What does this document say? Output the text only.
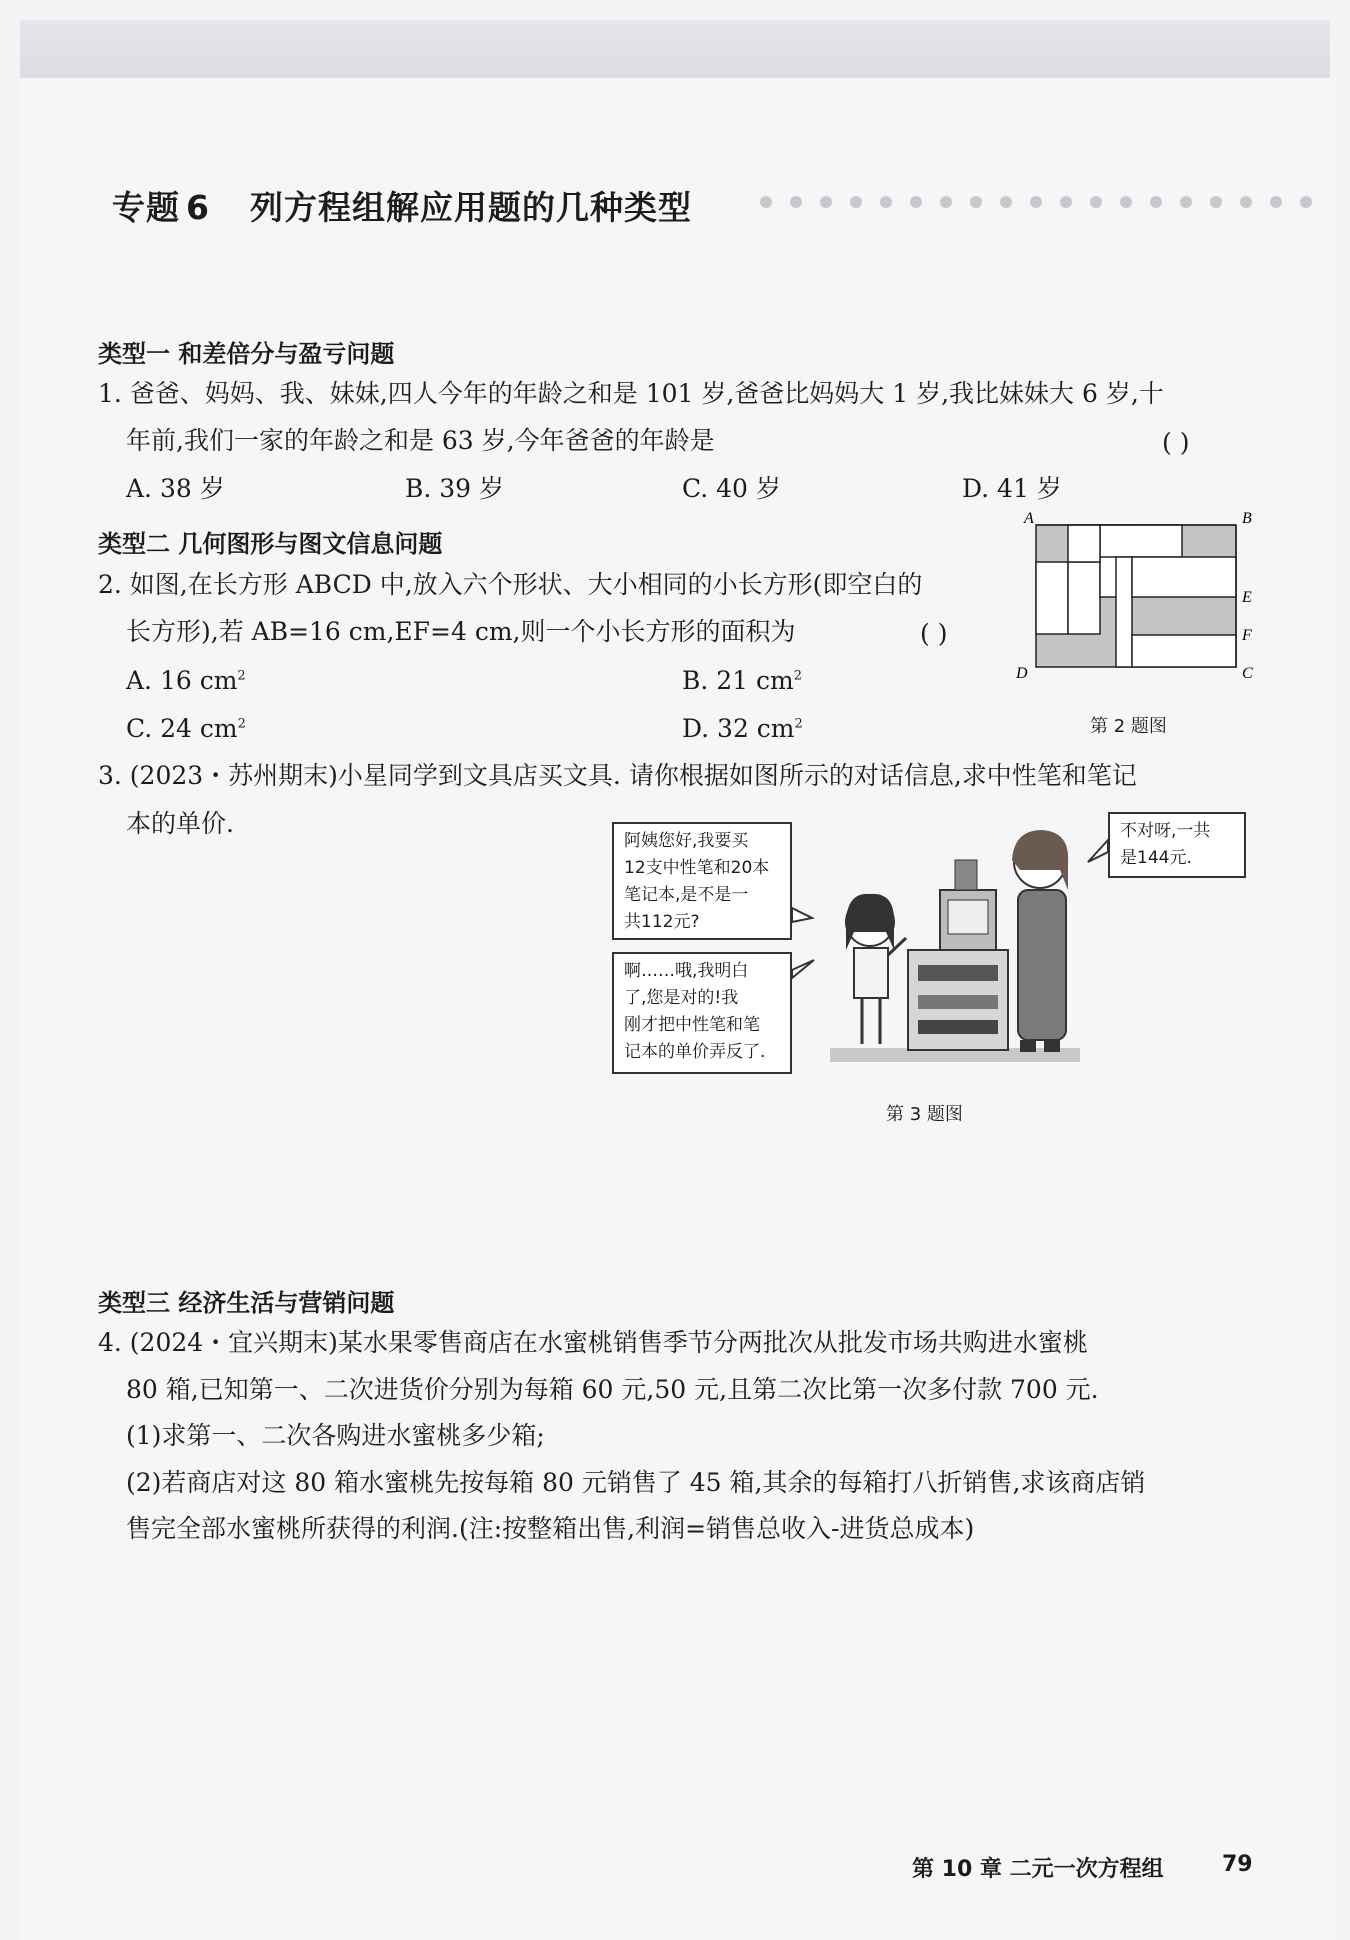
专题 6 列方程组解应用题的几种类型
类型一 和差倍分与盈亏问题
1. 爸爸、妈妈、我、妹妹,四人今年的年龄之和是 101 岁,爸爸比妈妈大 1 岁,我比妹妹大 6 岁,十
年前,我们一家的年龄之和是 63 岁,今年爸爸的年龄是	( )
A. 38 岁	B. 39 岁	C. 40 岁	D. 41 岁
类型二 几何图形与图文信息问题
2. 如图,在长方形 ABCD 中,放入六个形状、大小相同的小长方形(即空白的
长方形),若 AB=16 cm,EF=4 cm,则一个小长方形的面积为	( )
A. 16 $cm^2$	B. 21 $cm^2$
C. 24 $cm^2$	D. 32 $cm^2$
A	B
E
F
C
D
第 2 题图
3. (2023・苏州期末)小星同学到文具店买文具. 请你根据如图所示的对话信息,求中性笔和笔记
本的单价.
阿姨您好,我要买
12支中性笔和20本
笔记本,是不是一
共112元?
啊……哦,我明白
了,您是对的!我
刚才把中性笔和笔
记本的单价弄反了.
不对呀,一共
是144元.
第 3 题图
类型三 经济生活与营销问题
4. (2024・宜兴期末)某水果零售商店在水蜜桃销售季节分两批次从批发市场共购进水蜜桃
80 箱,已知第一、二次进货价分别为每箱 60 元,50 元,且第二次比第一次多付款 700 元.
(1)求第一、二次各购进水蜜桃多少箱;
(2)若商店对这 80 箱水蜜桃先按每箱 80 元销售了 45 箱,其余的每箱打八折销售,求该商店销
售完全部水蜜桃所获得的利润.(注:按整箱出售,利润=销售总收入-进货总成本)
第 10 章 二元一次方程组	79
